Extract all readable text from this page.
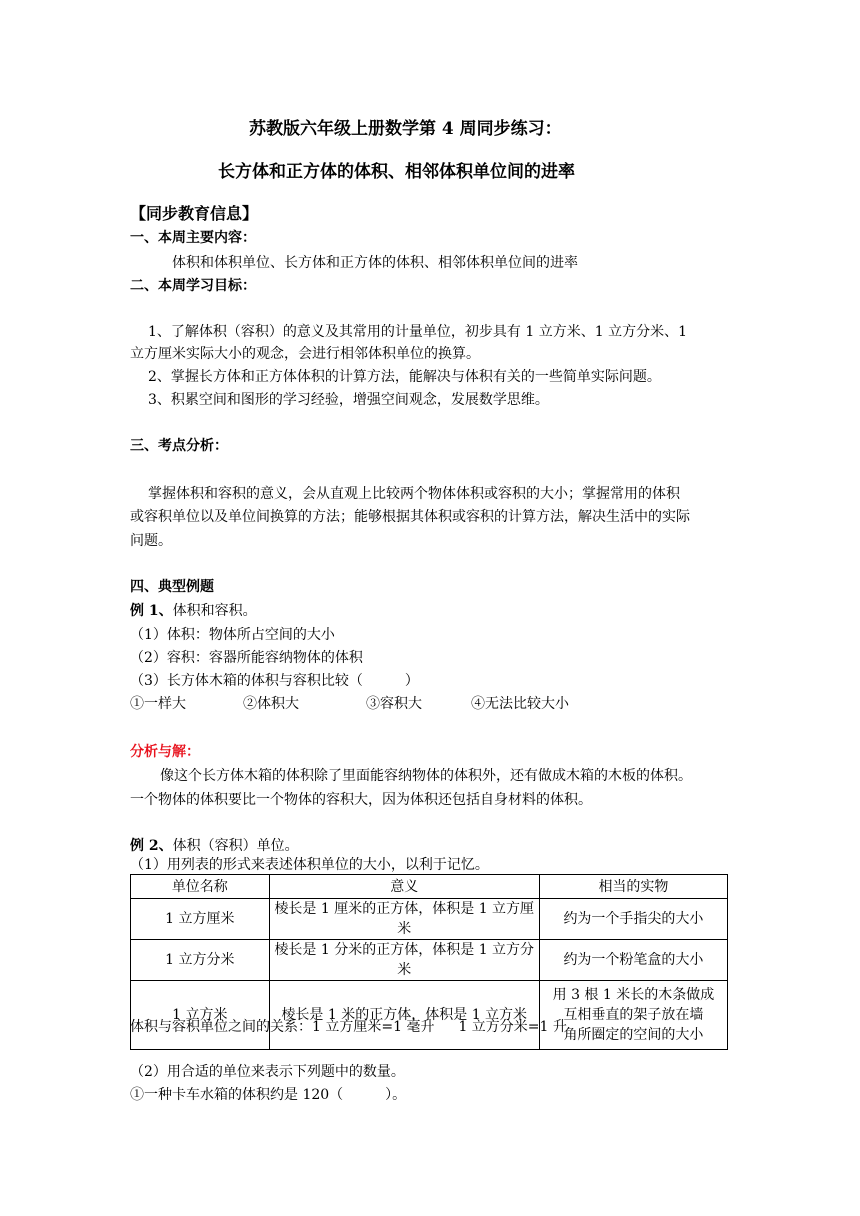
苏教版六年级上册数学第 4 周同步练习：
长方体和正方体的体积、相邻体积单位间的进率
【同步教育信息】
一、本周主要内容：
体积和体积单位、长方体和正方体的体积、相邻体积单位间的进率
二、本周学习目标：
1、了解体积（容积）的意义及其常用的计量单位，初步具有 1 立方米、1 立方分米、1
立方厘米实际大小的观念，会进行相邻体积单位的换算。
2、掌握长方体和正方体体积的计算方法，能解决与体积有关的一些简单实际问题。
3、积累空间和图形的学习经验，增强空间观念，发展数学思维。
三、考点分析：
掌握体积和容积的意义，会从直观上比较两个物体体积或容积的大小；掌握常用的体积
或容积单位以及单位间换算的方法；能够根据其体积或容积的计算方法，解决生活中的实际
问题。
四、典型例题
例 1、体积和容积。
（1）体积：物体所占空间的大小
（2）容积：容器所能容纳物体的体积
（3）长方体木箱的体积与容积比较（　　　）
①一样大	②体积大	③容积大	④无法比较大小
分析与解：
像这个长方体木箱的体积除了里面能容纳物体的体积外，还有做成木箱的木板的体积。
一个物体的体积要比一个物体的容积大，因为体积还包括自身材料的体积。
例 2、体积（容积）单位。
（1）用列表的形式来表述体积单位的大小，以利于记忆。
单位名称	意义	相当的实物
1 立方厘米	棱长是 1 厘米的正方体，体积是 1 立方厘米	约为一个手指尖的大小
1 立方分米	棱长是 1 分米的正方体，体积是 1 立方分米	约为一个粉笔盒的大小
1 立方米	棱长是 1 米的正方体，体积是 1 立方米	用 3 根 1 米长的木条做成
互相垂直的架子放在墙
角所圈定的空间的大小
体积与容积单位之间的关系：1 立方厘米=1 毫升 1 立方分米=1 升
（2）用合适的单位来表示下列题中的数量。
①一种卡车水箱的体积约是 120（　　　）。
